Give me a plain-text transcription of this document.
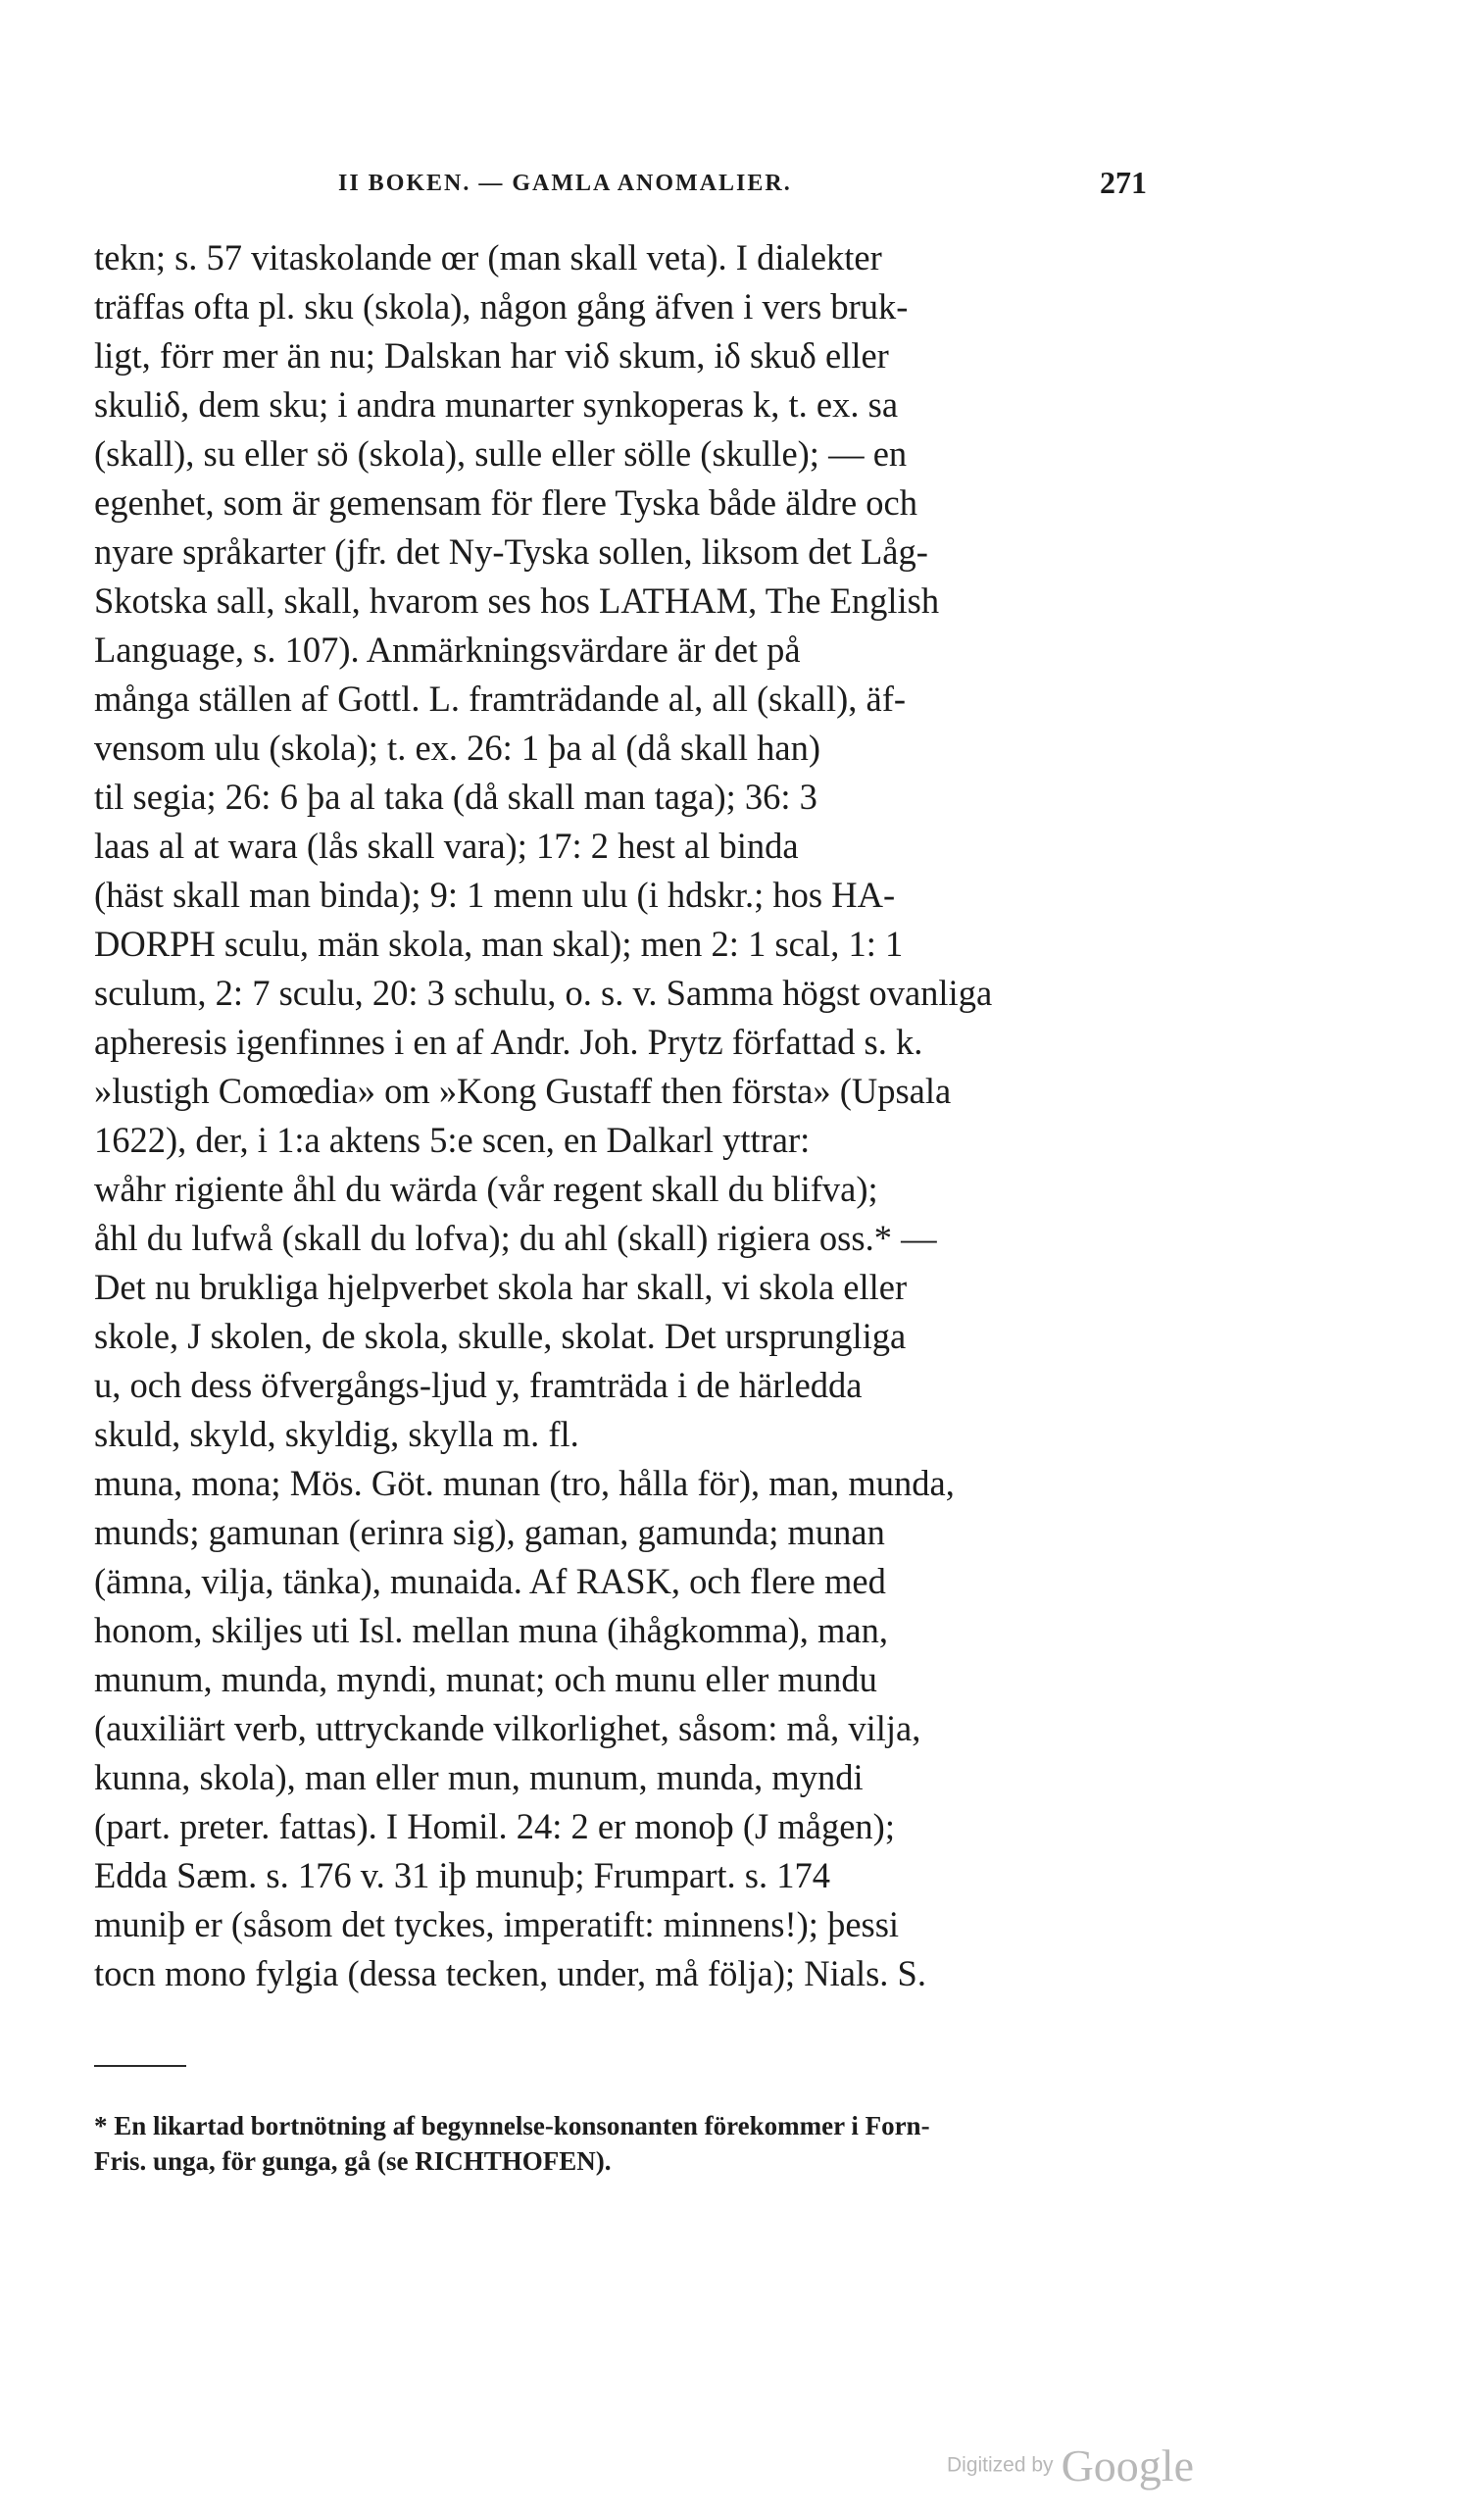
II BOKEN. — GAMLA ANOMALIER.	271
tekn; s. 57 vitaskolande œr (man skall veta). I dialekter
träffas ofta pl. sku (skola), någon gång äfven i vers bruk-
ligt, förr mer än nu; Dalskan har viδ skum, iδ skuδ eller
skuliδ, dem sku; i andra munarter synkoperas k, t. ex. sa
(skall), su eller sö (skola), sulle eller sölle (skulle); — en
egenhet, som är gemensam för flere Tyska både äldre och
nyare språkarter (jfr. det Ny-Tyska sollen, liksom det Låg-
Skotska sall, skall, hvarom ses hos LATHAM, The English
Language, s. 107). Anmärkningsvärdare är det på
många ställen af Gottl. L. framträdande al, all (skall), äf-
vensom ulu (skola); t. ex. 26: 1 þa al (då skall han)
til segia; 26: 6 þa al taka (då skall man taga); 36: 3
laas al at wara (lås skall vara); 17: 2 hest al binda
(häst skall man binda); 9: 1 menn ulu (i hdskr.; hos HA-
DORPH sculu, män skola, man skal); men 2: 1 scal, 1: 1
sculum, 2: 7 sculu, 20: 3 schulu, o. s. v. Samma högst ovanliga
apheresis igenfinnes i en af Andr. Joh. Prytz författad s. k.
»lustigh Comœdia» om »Kong Gustaff then första» (Upsala
1622), der, i 1:a aktens 5:e scen, en Dalkarl yttrar:
wåhr rigiente åhl du wärda (vår regent skall du blifva);
åhl du lufwå (skall du lofva); du ahl (skall) rigiera oss.* —
Det nu brukliga hjelpverbet skola har skall, vi skola eller
skole, J skolen, de skola, skulle, skolat. Det ursprungliga
u, och dess öfvergångs-ljud y, framträda i de härledda
skuld, skyld, skyldig, skylla m. fl.
muna, mona; Mös. Göt. munan (tro, hålla för), man, munda,
munds; gamunan (erinra sig), gaman, gamunda; munan
(ämna, vilja, tänka), munaida. Af RASK, och flere med
honom, skiljes uti Isl. mellan muna (ihågkomma), man,
munum, munda, myndi, munat; och munu eller mundu
(auxiliärt verb, uttryckande vilkorlighet, såsom: må, vilja,
kunna, skola), man eller mun, munum, munda, myndi
(part. preter. fattas). I Homil. 24: 2 er monoþ (J mågen);
Edda Sæm. s. 176 v. 31 iþ munuþ; Frumpart. s. 174
muniþ er (såsom det tyckes, imperatift: minnens!); þessi
tocn mono fylgia (dessa tecken, under, må följa); Nials. S.
* En likartad bortnötning af begynnelse-konsonanten förekommer i Forn-
Fris. unga, för gunga, gå (se RICHTHOFEN).
Digitized by Google
